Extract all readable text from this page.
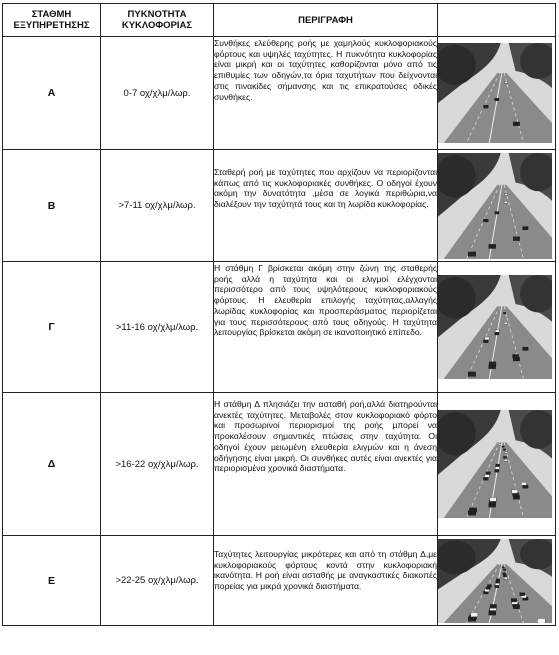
ΣΤΑΘΜΗ ΕΞΥΠΗΡΕΤΗΣΗΣ	ΠΥΚΝΟΤΗΤΑ ΚΥΚΛΟΦΟΡΙΑΣ	ΠΕΡΙΓΡΑΦΗ	
A	0-7 οχ/χλμ/λωρ.	Συνθήκες ελεύθερης ροής με χαμηλούς κυκλοφοριακούς φόρτους και υψηλές ταχύτητες. Η πυκνότητα κυκλοφορίας είναι μικρή και οι ταχύτητες καθορίζονται μόνο από τις επιθυμίες των οδηγών,τα όρια ταχυτήτων που δείχνονται στις πινακίδες σήμανσης και τις επικρατούσες οδικές συνθήκες.

B	>7-11 οχ/χλμ/λωρ.	Σταθερή ροή με ταχύτητες που αρχίζουν να περιορίζονται κάπως από τις κυκλοφοριακές συνθήκες. Ο οδηγοί έχουν ακόμη την δυνατότητα ,μέσα σε λογικά περιθώρια,να διαλέξουν την ταχύτητά τους και τη λωρίδα κυκλοφορίας.

Γ	>11-16 οχ/χλμ/λωρ.	Η στάθμη Γ βρίσκεται ακόμη στην ζώνη της σταθερής ροής αλλά η ταχύτητα και οι ελιγμοί ελέγχονται περισσότερο από τους υψηλότερους κυκλοφοριακούς φόρτους. Η ελευθερία επιλογής ταχύτητας,αλλαγής λωρίδας κυκλοφορίας και προσπεράσματος περιορίζεται για τους περισσότερους από τους οδηγούς. Η ταχύτητα λειτουργίας βρίσκεται ακόμη σε ικανοποιητικό επίπεδο.

Δ	>16-22 οχ/χλμ/λωρ.	Η στάθμη Δ πλησιάζει την ασταθή ροή,αλλά διατηρούνται ανεκτές ταχύτητες. Μεταβολές στον κυκλοφοριακό φόρτο και προσωρινοί περιορισμοί της ροής μπορεί να προκαλέσουν σημαντικές πτώσεις στην ταχύτητα. Οι οδηγοί έχουν μειωμένη ελευθερία ελιγμών και η άνεση οδήγησης είναι μικρή. Οι συνθήκες αυτές είναι ανεκτές για περιορισμένα χρονικά διαστήματα.

E	>22-25 οχ/χλμ/λωρ.	Ταχύτητες λειτουργίας μικρότερες και από τη στάθμη Δ,με κυκλοφοριακούς φόρτους κοντά στην κυκλοφοριακή ικανότητα. Η ροή είναι ασταθής με αναγκαστικές διακοπές πορείας για μικρά χρονικά διαστήματα.
